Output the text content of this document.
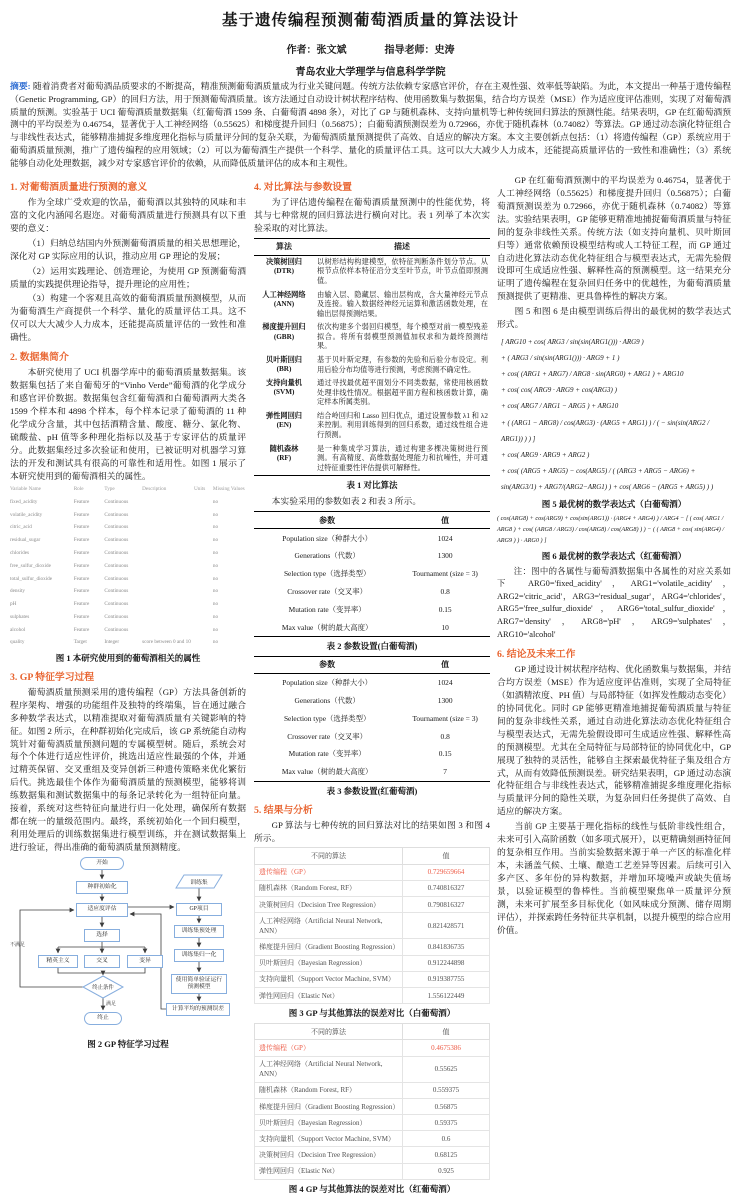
基于遗传编程预测葡萄酒质量的算法设计
作者：张文斌	指导老师：史涛
青岛农业大学理学与信息科学学院
摘要: 随着消费者对葡萄酒品质要求的不断提高，精准预测葡萄酒质量成为行业关键问题。传统方法依赖专家感官评价，存在主观性强、效率低等缺陷。为此，本文提出一种基于遗传编程（Genetic Programming, GP）的回归方法，用于预测葡萄酒质量。该方法通过自动设计树状程序结构、使用函数集与数据集，结合均方误差（MSE）作为适应度评估准则，实现了对葡萄酒质量的预测。实验基于 UCI 葡萄酒质量数据集（红葡萄酒 1599 条、白葡萄酒 4898 条），对比了 GP 与随机森林、支持向量机等七种传统回归算法的预测性能。结果表明，GP 在红葡萄酒预测中的平均误差为 0.46754，显著优于人工神经网络（0.55625）和梯度提升回归（0.56875）；白葡萄酒预测误差为 0.72966，亦优于随机森林（0.74082）等算法。GP 通过动态演化特征组合与非线性表达式，能够精准捕捉多维度理化指标与质量评分间的复杂关联，为葡萄酒质量预测提供了高效、自适应的解决方案。本文主要创新点包括：（1）将遗传编程（GP）系统应用于葡萄酒质量预测，推广了遗传编程的应用领域；（2）可以为葡萄酒生产提供一个科学、量化的质量评估工具。这可以大大减少人力成本，还能提高质量评估的一致性和准确性；（3）系统能够自动化处理数据，减少对专家感官评价的依赖，从而降低质量评估的成本和主观性。
1. 对葡萄酒质量进行预测的意义

作为全球广受欢迎的饮品，葡萄酒以其独特的风味和丰富的文化内涵闻名遐迩。对葡萄酒质量进行预测具有以下重要的意义：

（1）归纳总结国内外预测葡萄酒质量的相关思想理论，深化对 GP 实际应用的认识，推动应用 GP 理论的发展；

（2）运用实践理论、创造理论，为使用 GP 预测葡萄酒质量的实践提供理论指导，提升理论的应用性；

（3）构建一个客观且高效的葡萄酒质量预测模型，从而为葡萄酒生产商提供一个科学、量化的质量评估工具。这不仅可以大大减少人力成本，还能提高质量评估的一致性和准确性。

2. 数据集简介

本研究使用了 UCI 机器学库中的葡萄酒质量数据集。该数据集包括了来自葡萄牙的“Vinho Verde”葡萄酒的化学成分和感官评价数据。数据集包含红葡萄酒和白葡萄酒两大类各 1599 个样本和 4898 个样本，每个样本记录了葡萄酒的 11 种化学成分含量，其中包括酒精含量、酸度、糖分、氯化物、硫酸盐、pH 值等多种理化指标以及基于专家评估的质量评分。此数据集经过多次验证和使用，已被证明对机器学习算法的开发和测试具有很高的可靠性和适用性。如图 1 展示了本研究使用到的葡萄酒相关的属性。

Variable Name	Role	Type	Description	Units	Missing Values
fixed_acidity	Feature	Continuous			no
volatile_acidity	Feature	Continuous			no
citric_acid	Feature	Continuous			no
residual_sugar	Feature	Continuous			no
chlorides	Feature	Continuous			no
free_sulfur_dioxide	Feature	Continuous			no
total_sulfur_dioxide	Feature	Continuous			no
density	Feature	Continuous			no
pH	Feature	Continuous			no
sulphates	Feature	Continuous			no
alcohol	Feature	Continuous			no
quality	Target	Integer	score between 0 and 10		no
图 1 本研究使用到的葡萄酒相关的属性
3. GP 特征学习过程

葡萄酒质量预测采用的遗传编程（GP）方法具备创新的程序架构、增强的功能组件及独特的终端集，旨在通过融合多种数学表达式，以精准提取对葡萄酒质量有关键影响的特征。如图 2 所示，在种群初始化完成后，该 GP 系统能自动构筑针对葡萄酒质量预测问题的专属模型树。随后，系统会对每个个体进行适应性评价，挑选出适应性最强的个体，并通过精英保留、交叉重组及变异创新三种遗传策略来优化繁衍后代。挑选最佳个体作为葡萄酒质量的预测模型，能够将训练数据集和测试数据集中的每条记录转化为一组特征向量。接着，系统对这些特征向量进行归一化处理，确保所有数据都在统一的量级范围内。最终，系统初始化一个回归模型，利用处理后的训练数据集进行模型训练，并在测试数据集上进行验证，得出准确的葡萄酒质量预测精度。

开始
种群初始化
适应度评估
选择
精英主义	交叉	变异
终止条件
终止
训练集
GP项目
训练集预处理
训练集归一化
使用简单验证运行预测模型
计算平均的预测误差
不满足
满足
图 2 GP 特征学习过程
4. 对比算法与参数设置

为了评估遗传编程在葡萄酒质量预测中的性能优势，将其与七种常规的回归算法进行横向对比。表 1 列举了本次实验采取的对比算法。

算法	描述

决策树回归
(DTR)	以树形结构构建模型，依特征判断条件划分节点。从根节点依样本特征沿分支至叶节点，叶节点值即预测值。

人工神经网络
(ANN)	由输入层、隐藏层、输出层构成，含大量神经元节点及连接。输入数据经神经元运算和激活函数处理，在输出层得预测结果。

梯度提升回归
(GBR)	依次构建多个弱回归模型，每个模型对前一模型残差拟合。将所有弱模型预测值加权求和为最终预测结果。

贝叶斯回归
(BR)	基于贝叶斯定理，有参数的先验和后验分布设定。利用后验分布均值等进行预测，考虑预测不确定性。

支持向量机
(SVM)	通过寻找最优超平面划分不同类数据，常使用核函数处理非线性情况。根据超平面方程和核函数计算，确定样本所属类别。

弹性网回归
(EN)	结合岭回归和 Lasso 回归优点，通过设置参数 λ1 和 λ2 来控制。利用训练得到的回归系数，通过线性组合进行预测。

随机森林
(RF)	是一种集成学习算法，通过构建多棵决策树进行预测。有高精度、高维数据处理能力和抗噪性，并可通过特征重要性评估提供可解释性。
表 1 对比算法

本实验采用的参数如表 2 和表 3 所示。

参数	值
Population size（种群大小）	1024
Generations（代数）	1300
Selection type（选择类型）	Tournament (size = 3)
Crossover rate（交叉率）	0.8
Mutation rate（变异率）	0.15
Max value（树的最大高度）	10
表 2 参数设置(白葡萄酒)
参数	值
Population size（种群大小）	1024
Generations（代数）	1300
Selection type（选择类型）	Tournament (size = 3)
Crossover rate（交叉率）	0.8
Mutation rate（变异率）	0.15
Max value（树的最大高度）	7
表 3 参数设置(红葡萄酒)
5. 结果与分析

GP 算法与七种传统的回归算法对比的结果如图 3 和图 4 所示。

不同的算法	值
遗传编程（GP）	0.729659664
随机森林（Random Forest, RF）	0.740816327
决策树回归（Decision Tree Regression）	0.790816327
人工神经网络（Artificial Neural Network, ANN）	0.821428571
梯度提升回归（Gradient Boosting Regression）	0.841836735
贝叶斯回归（Bayesian Regression）	0.912244898
支持向量机（Support Vector Machine, SVM）	0.919387755
弹性网回归（Elastic Net）	1.556122449
图 3 GP 与其他算法的误差对比（白葡萄酒）
不同的算法	值
遗传编程（GP）	0.4675386
人工神经网络（Artificial Neural Network, ANN）	0.55625
随机森林（Random Forest, RF）	0.559375
梯度提升回归（Gradient Boosting Regression）	0.56875
贝叶斯回归（Bayesian Regression）	0.59375
支持向量机（Support Vector Machine, SVM）	0.6
决策树回归（Decision Tree Regression）	0.68125
弹性网回归（Elastic Net）	0.925
图 4 GP 与其他算法的误差对比（红葡萄酒）

GP 在红葡萄酒预测中的平均误差为 0.46754，显著优于人工神经网络（0.55625）和梯度提升回归（0.56875）；白葡萄酒预测误差为 0.72966，亦优于随机森林（0.74082）等算法。实验结果表明，GP 能够更精准地捕捉葡萄酒质量与特征间的复杂非线性关系。传统方法（如支持向量机、贝叶斯回归等）通常依赖预设模型结构或人工特征工程，而 GP 通过自动进化算法动态优化特征组合与模型表达式，无需先验假设即可生成适应性强、解释性高的预测模型。这一结果充分证明了遗传编程在复杂回归任务中的优越性，为葡萄酒质量预测提供了更精准、更具鲁棒性的解决方案。

图 5 和图 6 是由模型训练后得出的最优树的数学表达式形式。

[ ARG10 + cos( ARG3 / sin(sin(ARG1())) · ARG9 )
+ ( ARG3 / sin(sin(ARG1())) · ARG9 + 1 )
+ cos( (ARG1 + ARG7) / ARG8 · sin(ARG0) + ARG1 ) + ARG10
+ cos( cos( ARG9 · ARG9 + cos(ARG3) )
+ cos( ARG7 / ARG1 − ARG5 ) + ARG10
+ ( (ARG1 − ARG8) / cos(ARG3) · (ARG5 + ARG1) ) / ( − sin(sin(ARG2 / ARG1)) ) ) ]
+ cos( ARG9 · ARG9 + ARG2 )
+ cos( (ARG5 + ARG5) − cos(ARG5) / ( (ARG3 + ARG5 − ARG6) + sin(ARG3/1) + ARG7/(ARG2−ARG1) ) + cos( ARG6 − (ARG5 + ARG5) ) )
图 5 最优树的数学表达式（白葡萄酒）
( cos(ARG8) + cos(ARG9) + cos(sin(ARG1)) · (ARG4 + ARG4) ) / ARG4 − [ ( cos( ARG1 / ARG8 ) + cos( (ARG8 / ARG3) / cos(ARG8) / cos(ARG8) ) ) − ( ( ARG8 + cos( sin(ARG4) / ARG9 ) ) · ARG0 ) ]
图 6 最优树的数学表达式（红葡萄酒）

注：图中的各属性与葡萄酒数据集中各属性的对应关系如下 ARG0='fixed_acidity'，ARG1='volatile_acidity'，ARG2='citric_acid'，ARG3='residual_sugar'，ARG4='chlorides'，ARG5='free_sulfur_dioxide'，ARG6='total_sulfur_dioxide'，ARG7='density'，ARG8='pH'，ARG9='sulphates'，ARG10='alcohol'

6. 结论及未来工作

GP 通过设计树状程序结构、优化函数集与数据集，并结合均方误差（MSE）作为适应度评估准则，实现了全局特征（如酒精浓度、PH 值）与局部特征（如挥发性酸动态变化）的协同优化。同时 GP 能够更精准地捕捉葡萄酒质量与特征间的复杂非线性关系，通过自动进化算法动态优化特征组合与模型表达式，无需先验假设即可生成适应性强、解释性高的预测模型。尤其在全局特征与局部特征的协同优化中，GP 展现了独特的灵活性，能够自主探索最优特征子集及组合方式，从而有效降低预测误差。研究结果表明，GP 通过动态演化特征组合与非线性表达式，能够精准捕捉多维度理化指标与质量评分间的隐性关联，为复杂回归任务提供了高效、自适应的解决方案。

当前 GP 主要基于理化指标的线性与低阶非线性组合，未来可引入高阶函数（如多项式展开），以更精确刻画特征间的复杂相互作用。当前实验数据来源于单一产区的标准化样本，未涵盖气候、土壤、酿造工艺差异等因素。后续可引入多产区、多年份的异构数据，并增加环境噪声或缺失值场景，以验证模型的鲁棒性。当前模型聚焦单一质量评分预测，未来可扩展至多目标优化（如风味成分预测、储存周期评估），并探索跨任务特征共享机制，以提升模型的综合应用价值。
